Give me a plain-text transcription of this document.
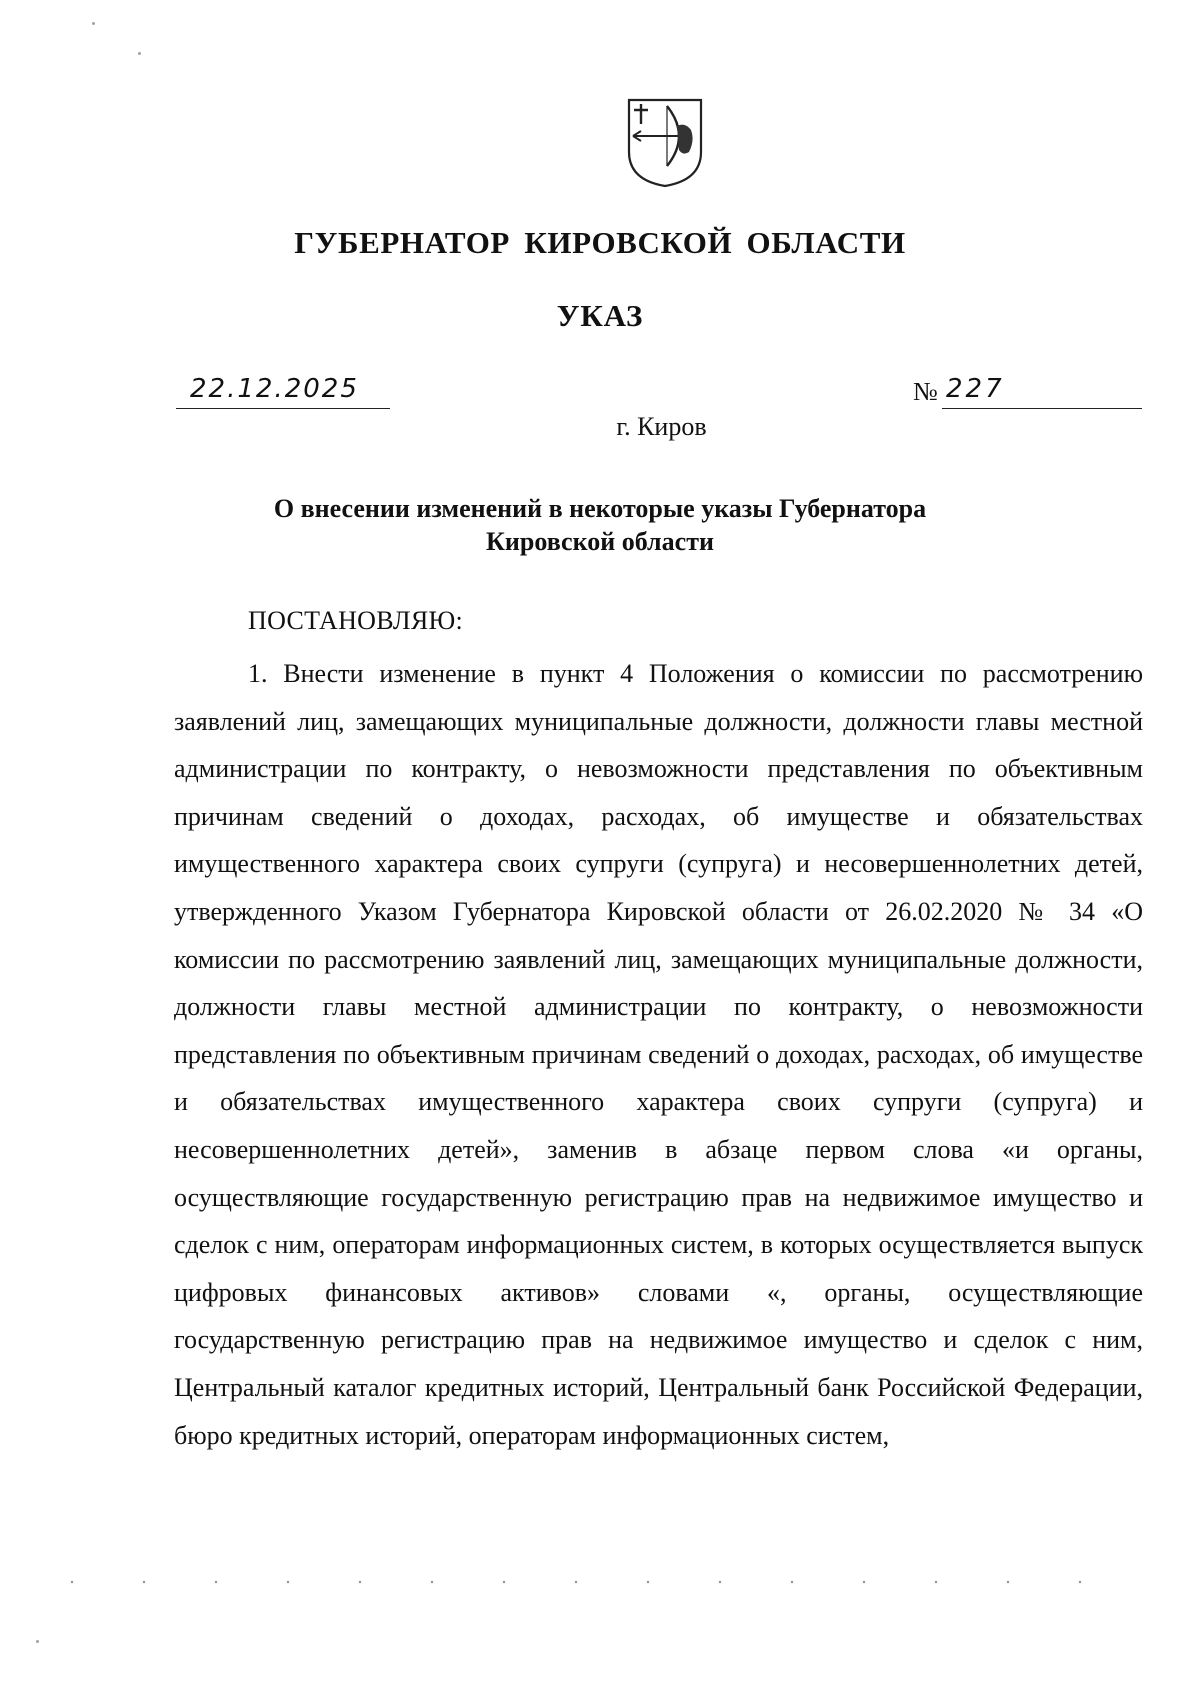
ГУБЕРНАТОР КИРОВСКОЙ ОБЛАСТИ
УКАЗ
22.12.2025	№ 227
г. Киров
О внесении изменений в некоторые указы Губернатора Кировской области
ПОСТАНОВЛЯЮ:

1. Внести изменение в пункт 4 Положения о комиссии по рассмотрению заявлений лиц, замещающих муниципальные должности, должности главы местной администрации по контракту, о невозможности представления по объективным причинам сведений о доходах, расходах, об имуществе и обязательствах имущественного характера своих супруги (супруга) и несовершеннолетних детей, утвержденного Указом Губернатора Кировской области от 26.02.2020 № 34 «О комиссии по рассмотрению заявлений лиц, замещающих муниципальные должности, должности главы местной администрации по контракту, о невозможности представления по объективным причинам сведений о доходах, расходах, об имуществе и обязательствах имущественного характера своих супруги (супруга) и несовершеннолетних детей», заменив в абзаце первом слова «и органы, осуществляющие государственную регистрацию прав на недвижимое имущество и сделок с ним, операторам информационных систем, в которых осуществляется выпуск цифровых финансовых активов» словами «, органы, осуществляющие государственную регистрацию прав на недвижимое имущество и сделок с ним, Центральный каталог кредитных историй, Центральный банк Российской Федерации, бюро кредитных историй, операторам информационных систем,
